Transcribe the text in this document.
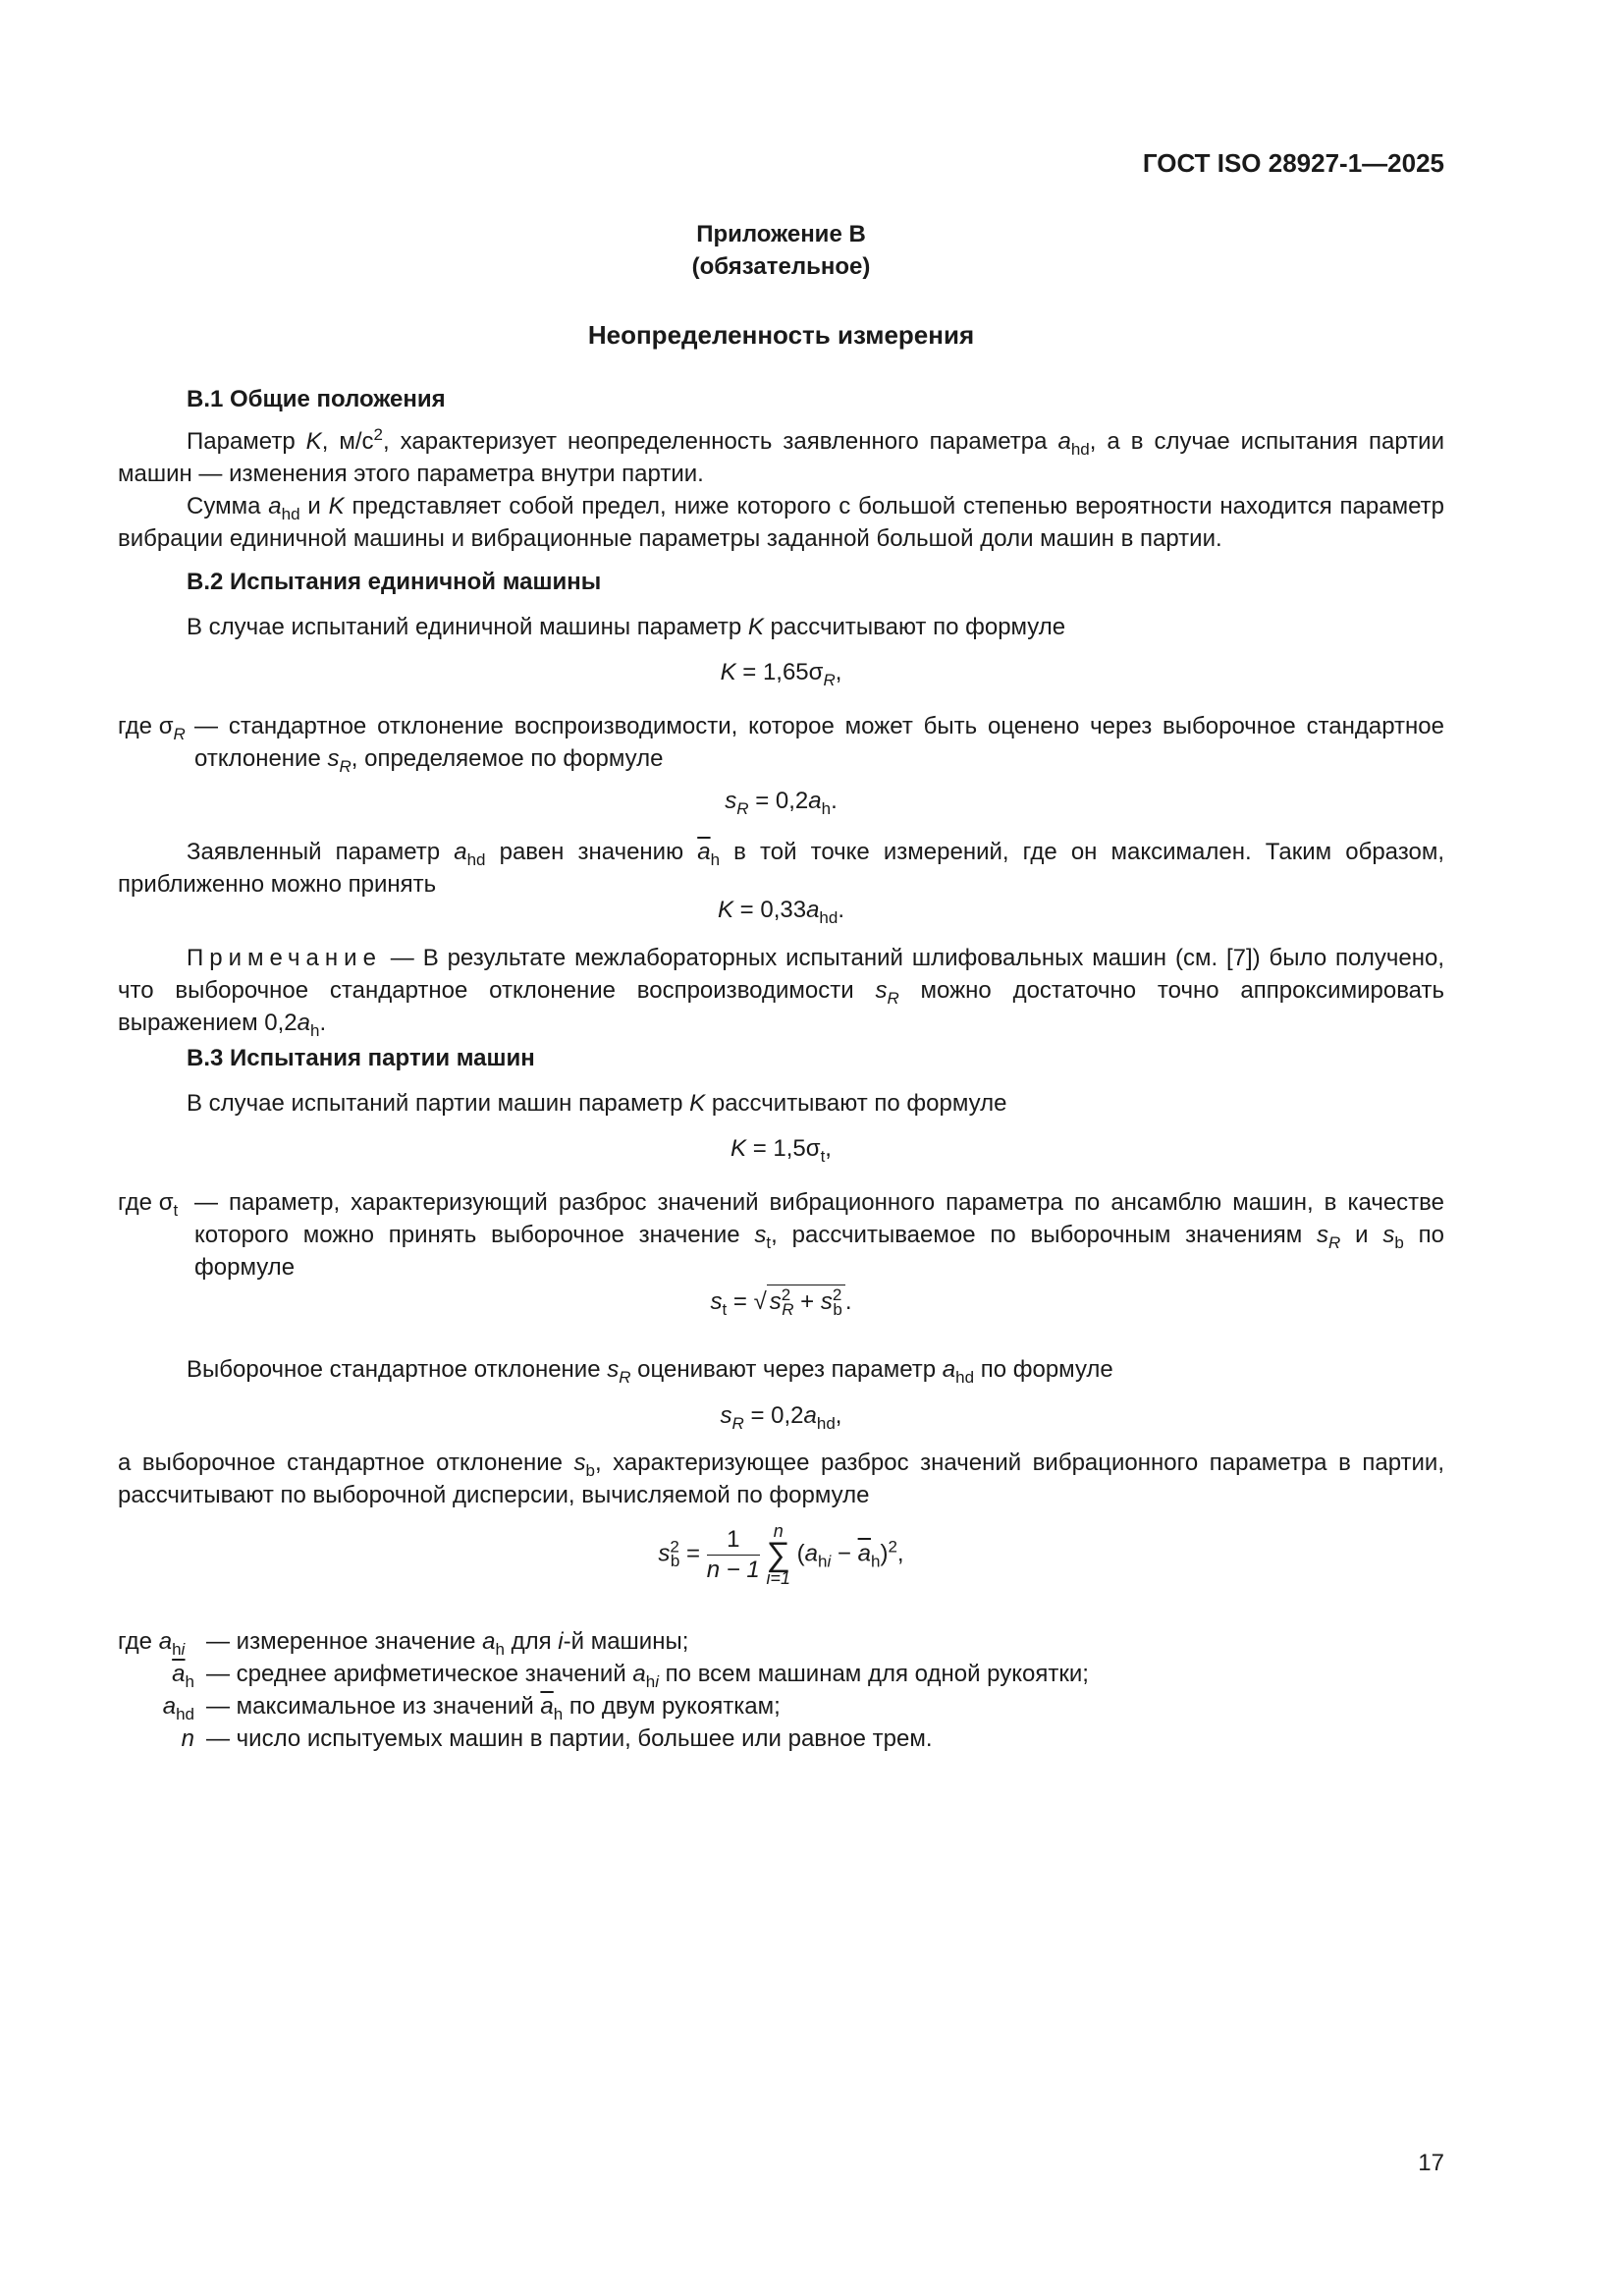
ГОСТ ISO 28927-1—2025
Приложение В
(обязательное)
Неопределенность измерения
В.1 Общие положения
Параметр K, $м/с^2$, характеризует неопределенность заявленного параметра $a_{hd}$, а в случае испытания партии машин — изменения этого параметра внутри партии.
Сумма $a_{hd}$ и K представляет собой предел, ниже которого с большой степенью вероятности находится параметр вибрации единичной машины и вибрационные параметры заданной большой доли машин в партии.
В.2 Испытания единичной машины
В случае испытаний единичной машины параметр K рассчитывают по формуле
$K = 1,65\sigma_R$,
где $\sigma_R$ — стандартное отклонение воспроизводимости, которое может быть оценено через выборочное стандартное отклонение $s_R$, определяемое по формуле
$s_R = 0,2a_h$.
Заявленный параметр $a_{hd}$ равен значению $\overline{a}_h$ в той точке измерений, где он максимален. Таким образом, приближенно можно принять
$K = 0,33a_{hd}$.
Примечание — В результате межлабораторных испытаний шлифовальных машин (см. [7]) было получено, что выборочное стандартное отклонение воспроизводимости $s_R$ можно достаточно точно аппроксимировать выражением $0,2a_h$.
В.3 Испытания партии машин
В случае испытаний партии машин параметр K рассчитывают по формуле
$K = 1,5\sigma_t$,
где $\sigma_t$ — параметр, характеризующий разброс значений вибрационного параметра по ансамблю машин, в качестве которого можно принять выборочное значение $s_t$, рассчитываемое по выборочным значениям $s_R$ и $s_b$ по формуле
$s_t$ = √ $s^2_R + s^2_b$ .
Выборочное стандартное отклонение $s_R$ оценивают через параметр $a_{hd}$ по формуле
$s_R = 0,2a_{hd}$,
а выборочное стандартное отклонение $s_b$, характеризующее разброс значений вибрационного параметра в партии, рассчитывают по выборочной дисперсии, вычисляемой по формуле
$s^2_b = \frac{1}{n - 1}$ n
∑
i=1 $(a_{hi} - \overline{a}_h)^2$,
где $a_{hi}$ — измеренное значение $a_h$ для i-й машины;
$\overline{a}_h$ — среднее арифметическое значений $a_{hi}$ по всем машинам для одной рукоятки;
$a_{hd}$ — максимальное из значений $\overline{a}_h$ по двум рукояткам;
n — число испытуемых машин в партии, большее или равное трем.
17
